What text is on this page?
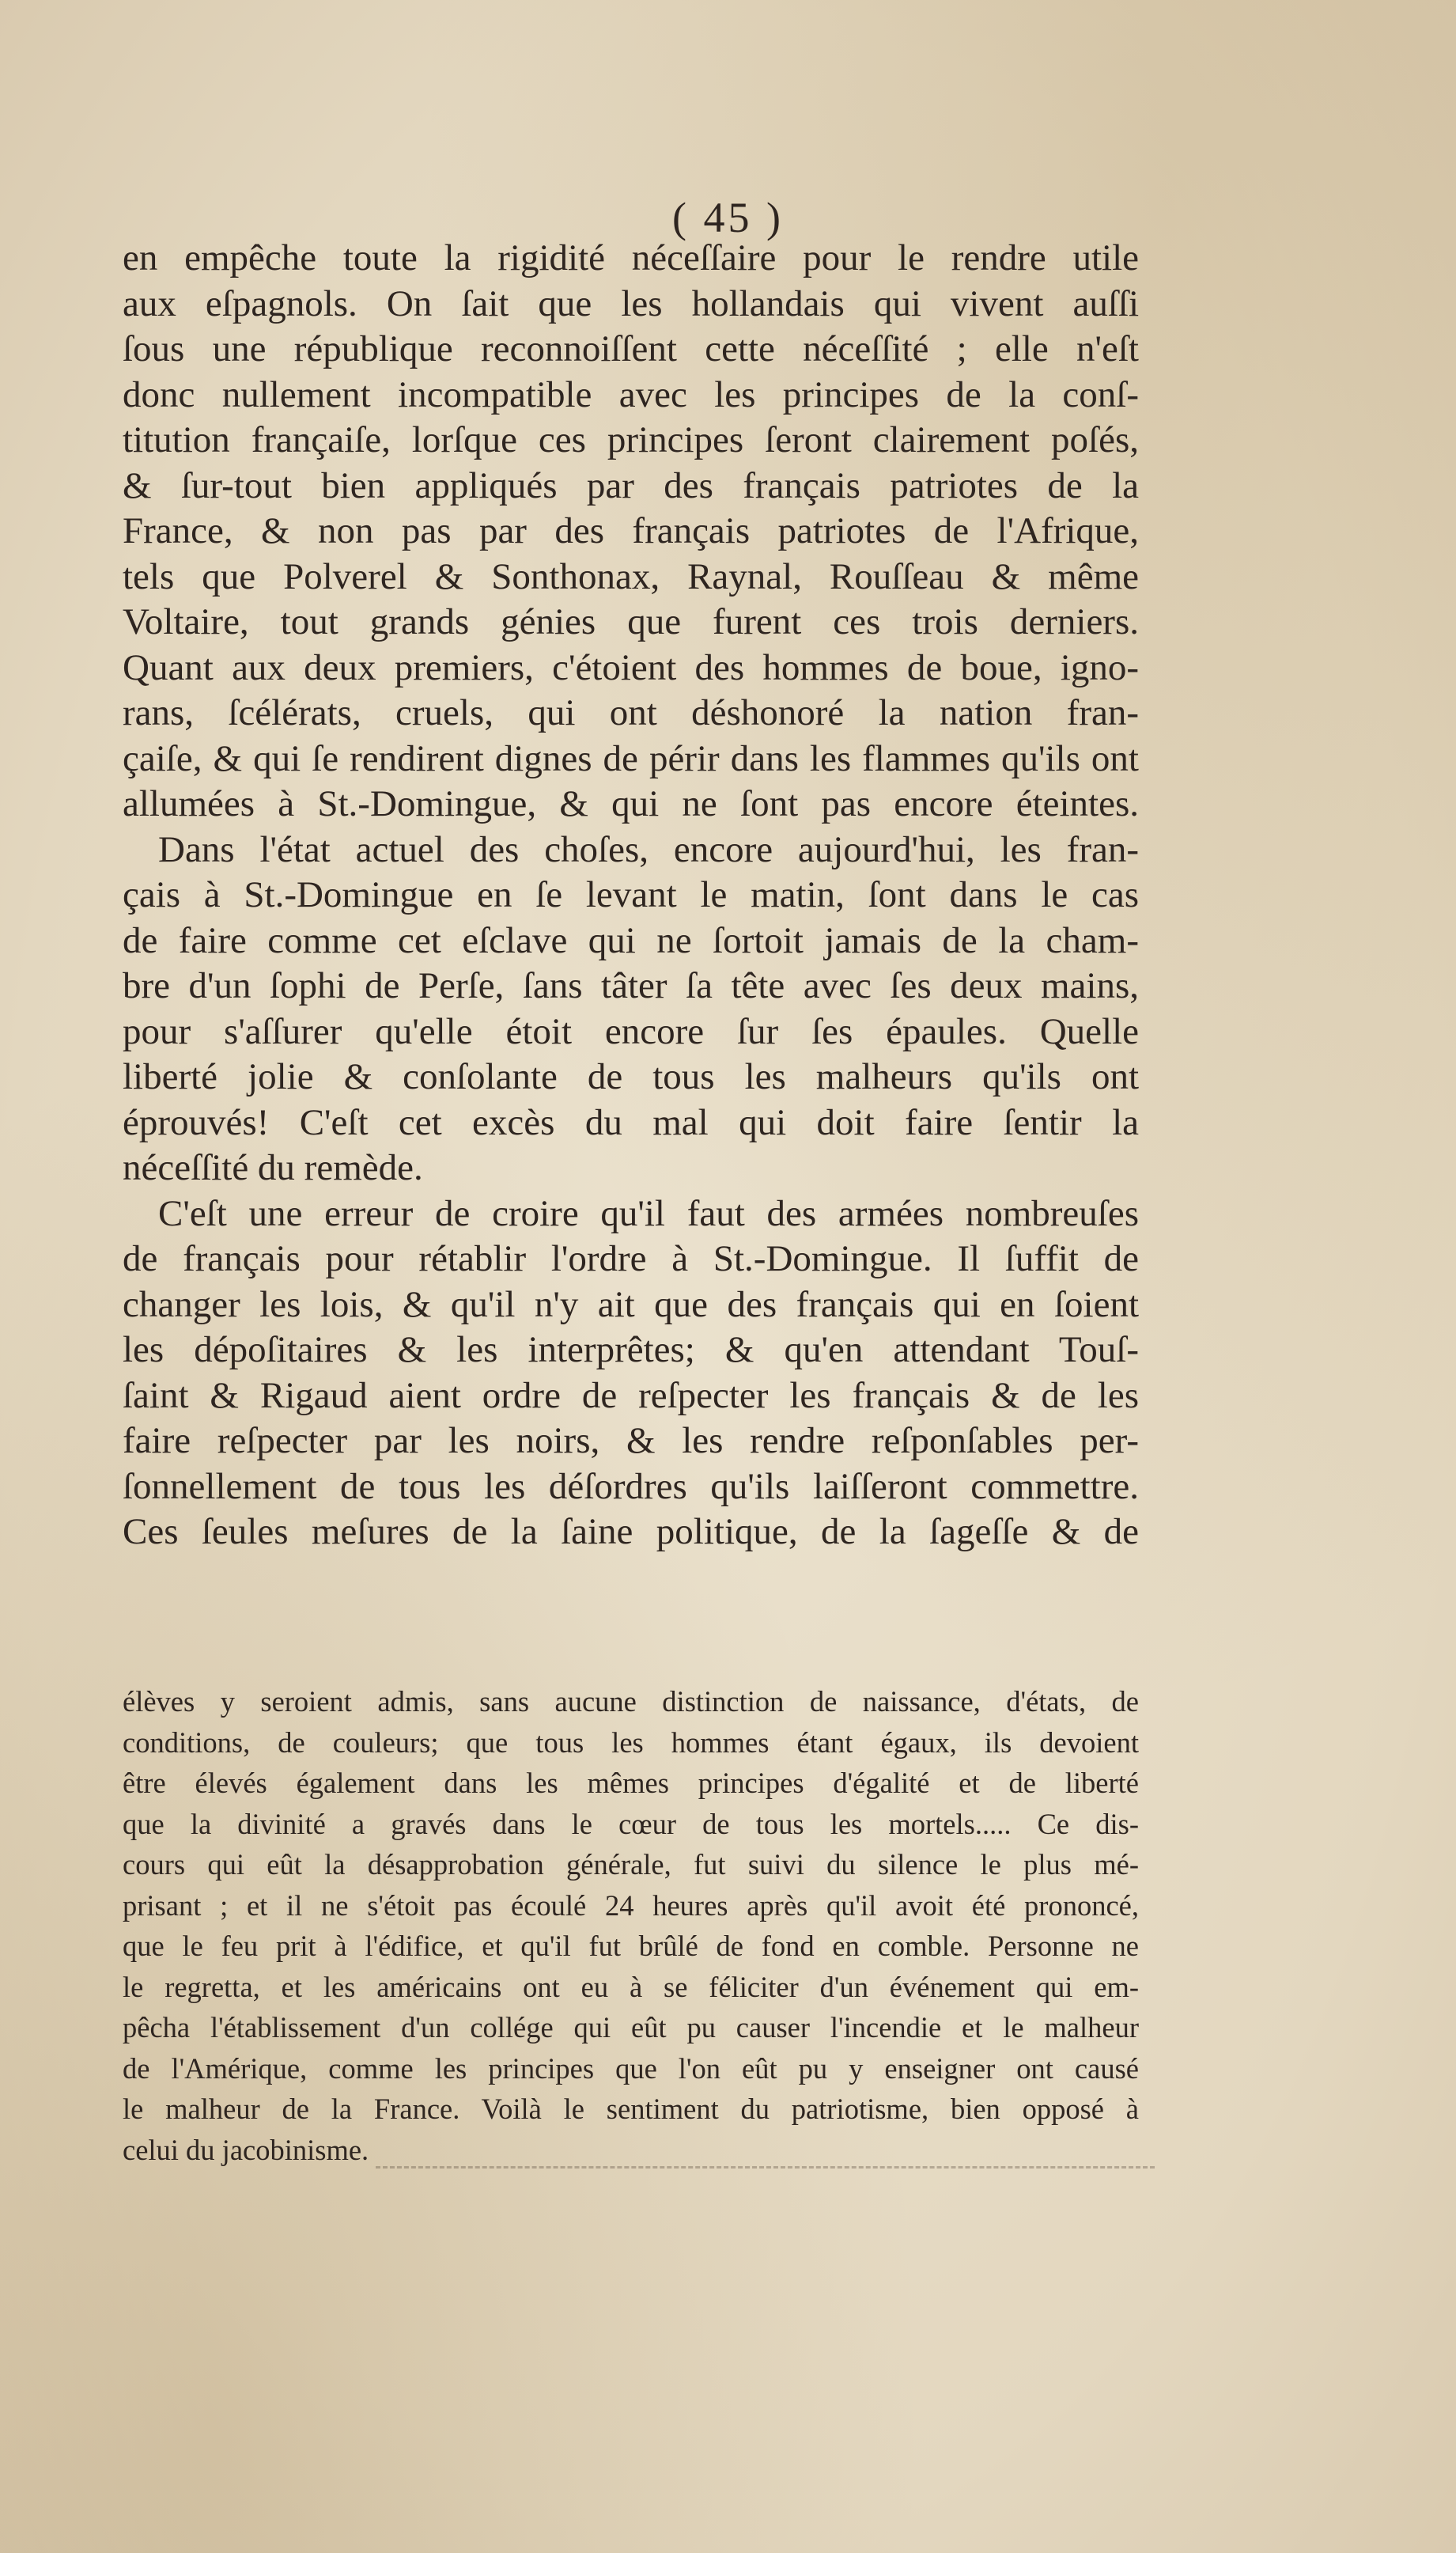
( 45 )

en empêche toute la rigidité néceſſaire pour le rendre utile
aux eſpagnols. On ſait que les hollandais qui vivent auſſi
ſous une république reconnoiſſent cette néceſſité ; elle n'eſt
donc nullement incompatible avec les principes de la conſ-
titution françaiſe, lorſque ces principes ſeront clairement poſés,
& ſur-tout bien appliqués par des français patriotes de la
France, & non pas par des français patriotes de l'Afrique,
tels que Polverel & Sonthonax, Raynal, Rouſſeau & même
Voltaire, tout grands génies que furent ces trois derniers.
Quant aux deux premiers, c'étoient des hommes de boue, igno-
rans, ſcélérats, cruels, qui ont déshonoré la nation fran-
çaiſe, & qui ſe rendirent dignes de périr dans les flammes qu'ils ont
allumées à St.-Domingue, & qui ne ſont pas encore éteintes.
Dans l'état actuel des choſes, encore aujourd'hui, les fran-
çais à St.-Domingue en ſe levant le matin, ſont dans le cas
de faire comme cet eſclave qui ne ſortoit jamais de la cham-
bre d'un ſophi de Perſe, ſans tâter ſa tête avec ſes deux mains,
pour s'aſſurer qu'elle étoit encore ſur ſes épaules. Quelle
liberté jolie & conſolante de tous les malheurs qu'ils ont
éprouvés! C'eſt cet excès du mal qui doit faire ſentir la
néceſſité du remède.
C'eſt une erreur de croire qu'il faut des armées nombreuſes
de français pour rétablir l'ordre à St.-Domingue. Il ſuffit de
changer les lois, & qu'il n'y ait que des français qui en ſoient
les dépoſitaires & les interprêtes; & qu'en attendant Touſ-
ſaint & Rigaud aient ordre de reſpecter les français & de les
faire reſpecter par les noirs, & les rendre reſponſables per-
ſonnellement de tous les déſordres qu'ils laiſſeront commettre.
Ces ſeules meſures de la ſaine politique, de la ſageſſe & de
élèves y seroient admis, sans aucune distinction de naissance, d'états, de
conditions, de couleurs; que tous les hommes étant égaux, ils devoient
être élevés également dans les mêmes principes d'égalité et de liberté
que la divinité a gravés dans le cœur de tous les mortels..... Ce dis-
cours qui eût la désapprobation générale, fut suivi du silence le plus mé-
prisant ; et il ne s'étoit pas écoulé 24 heures après qu'il avoit été prononcé,
que le feu prit à l'édifice, et qu'il fut brûlé de fond en comble. Personne ne
le regretta, et les américains ont eu à se féliciter d'un événement qui em-
pêcha l'établissement d'un collége qui eût pu causer l'incendie et le malheur
de l'Amérique, comme les principes que l'on eût pu y enseigner ont causé
le malheur de la France. Voilà le sentiment du patriotisme, bien opposé à
celui du jacobinisme.
